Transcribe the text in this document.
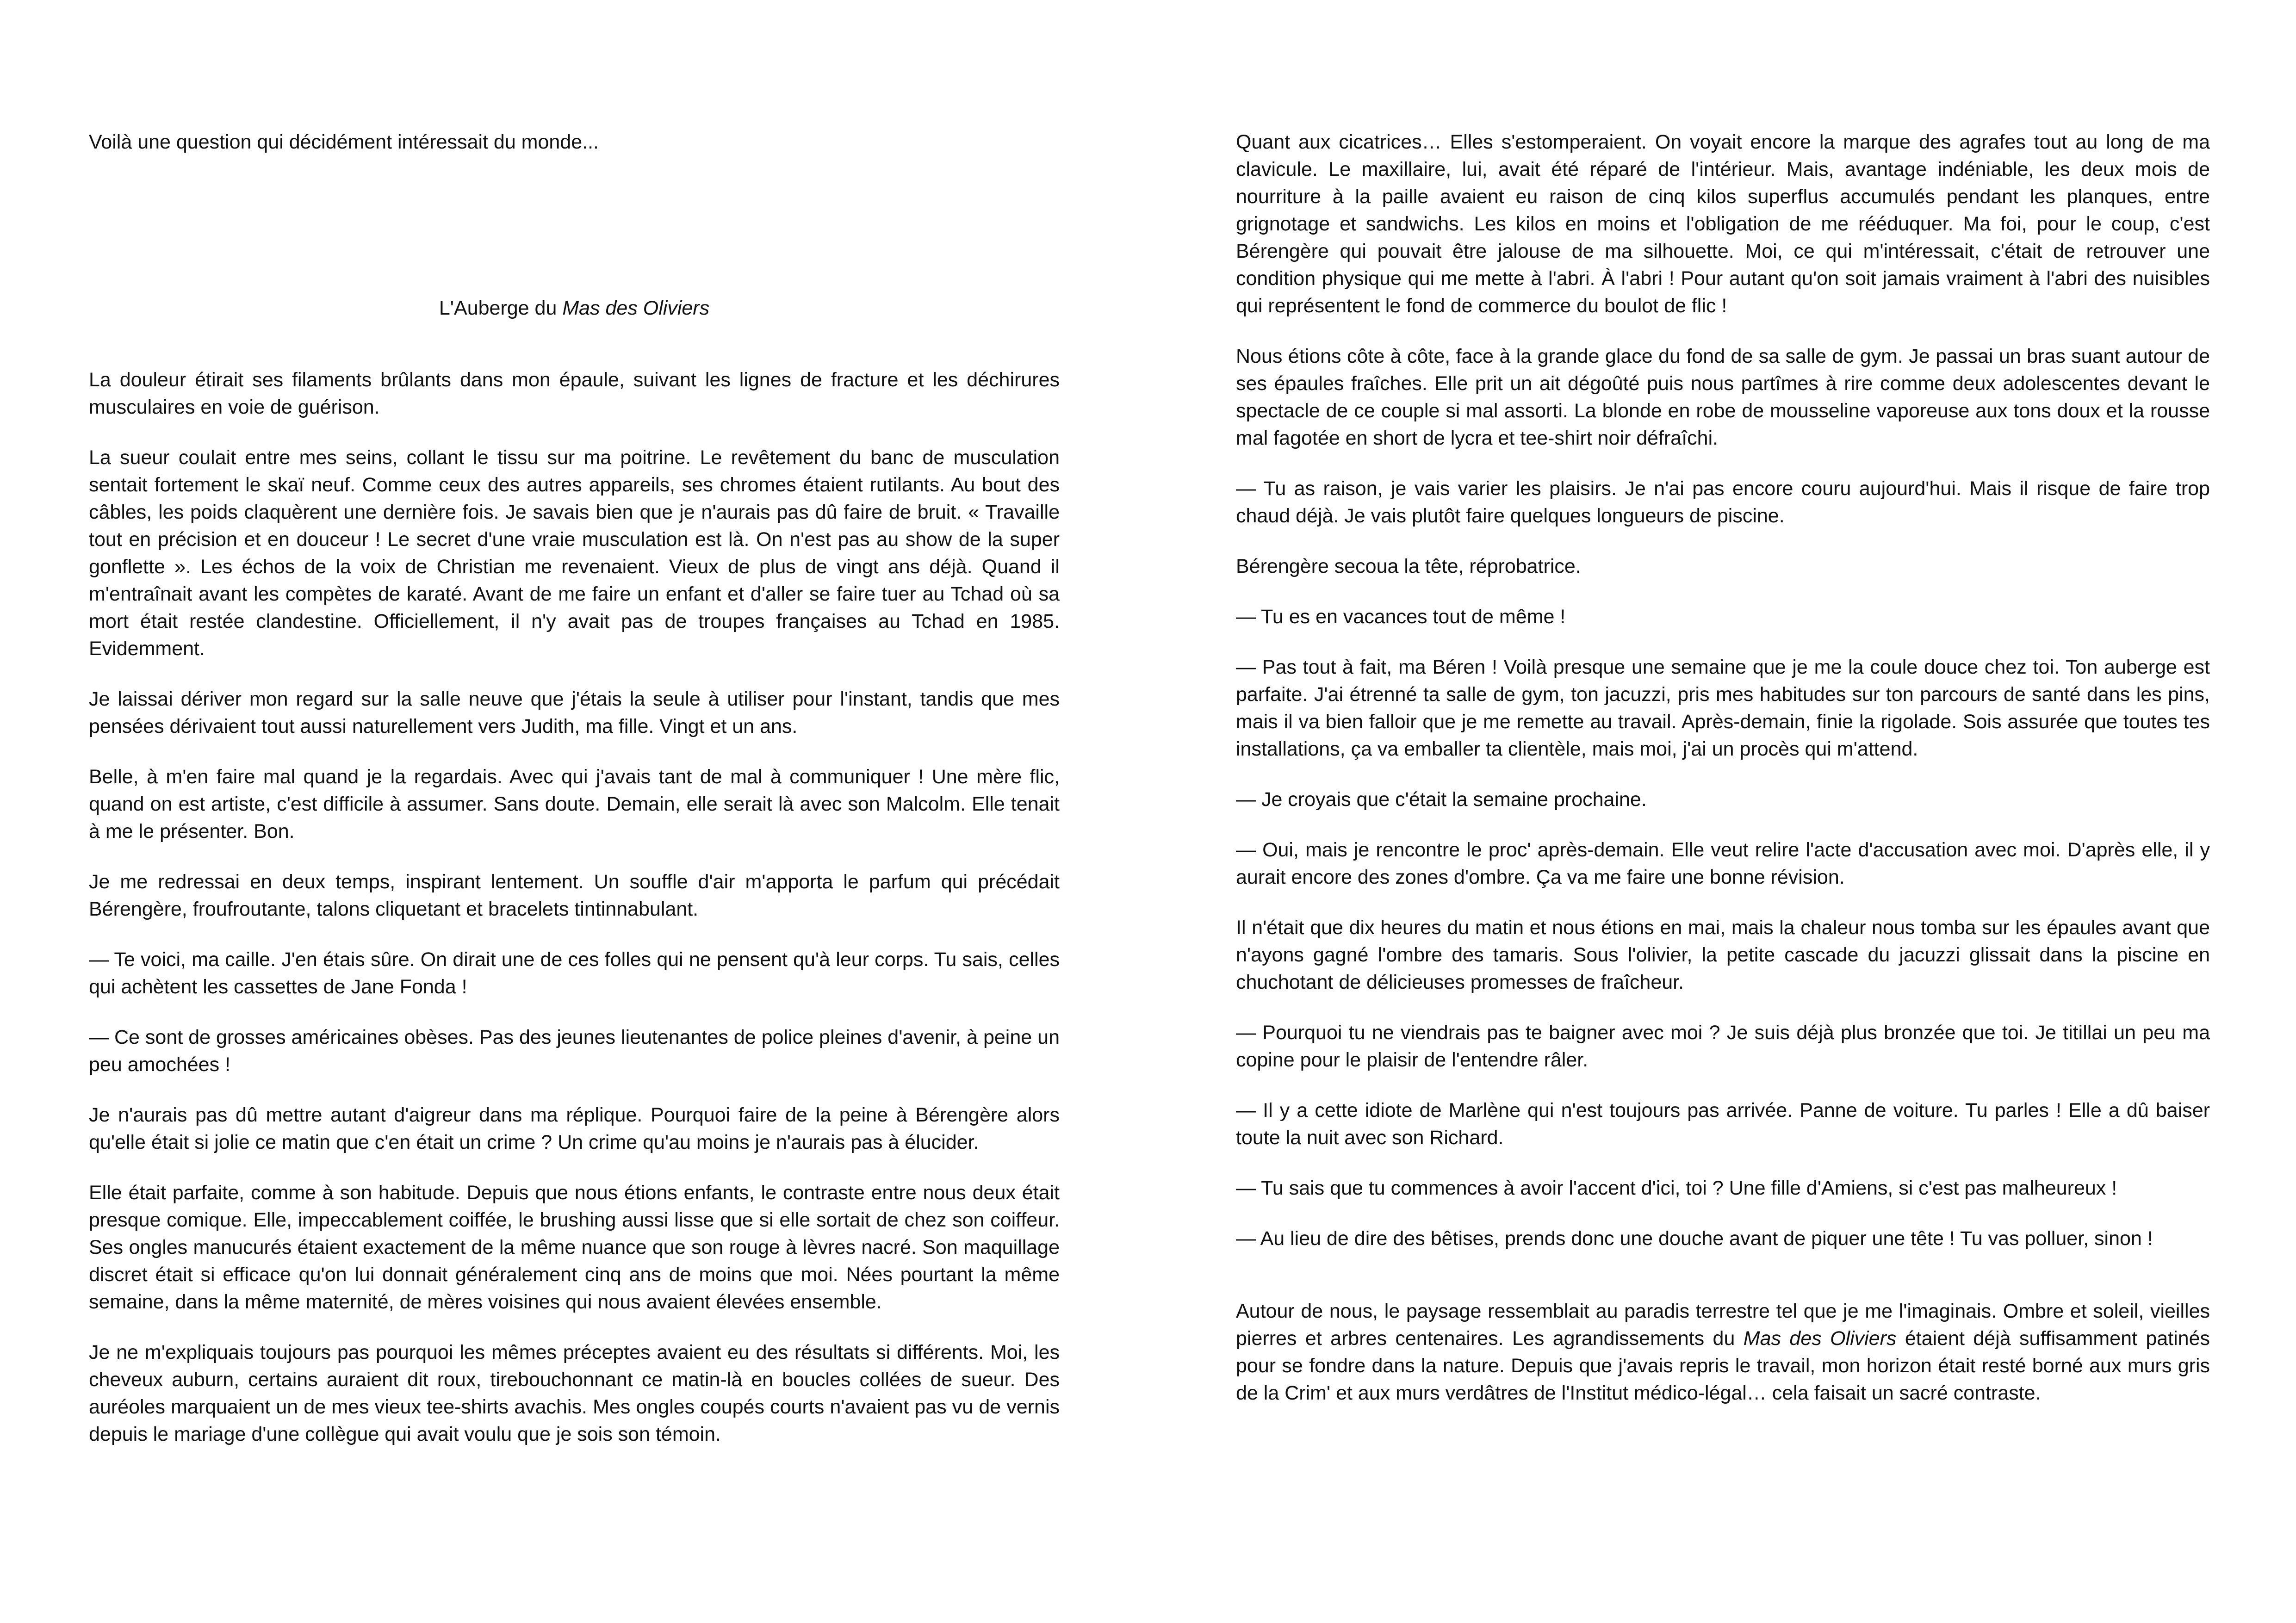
Voilà une question qui décidément intéressait du monde...

L'Auberge du Mas des Oliviers

La douleur étirait ses filaments brûlants dans mon épaule, suivant les lignes de fracture et les déchirures musculaires en voie de guérison.

La sueur coulait entre mes seins, collant le tissu sur ma poitrine. Le revêtement du banc de musculation sentait fortement le skaï neuf. Comme ceux des autres appareils, ses chromes étaient rutilants. Au bout des câbles, les poids claquèrent une dernière fois. Je savais bien que je n'aurais pas dû faire de bruit. « Travaille tout en précision et en douceur ! Le secret d'une vraie musculation est là. On n'est pas au show de la super gonflette ». Les échos de la voix de Christian me revenaient. Vieux de plus de vingt ans déjà. Quand il m'entraînait avant les compètes de karaté. Avant de me faire un enfant et d'aller se faire tuer au Tchad où sa mort était restée clandestine. Officiellement, il n'y avait pas de troupes françaises au Tchad en 1985. Evidemment.

Je laissai dériver mon regard sur la salle neuve que j'étais la seule à utiliser pour l'instant, tandis que mes pensées dérivaient tout aussi naturellement vers Judith, ma fille. Vingt et un ans.

Belle, à m'en faire mal quand je la regardais. Avec qui j'avais tant de mal à communiquer ! Une mère flic, quand on est artiste, c'est difficile à assumer. Sans doute. Demain, elle serait là avec son Malcolm. Elle tenait à me le présenter. Bon.

Je me redressai en deux temps, inspirant lentement. Un souffle d'air m'apporta le parfum qui précédait Bérengère, froufroutante, talons cliquetant et bracelets tintinnabulant.

— Te voici, ma caille. J'en étais sûre. On dirait une de ces folles qui ne pensent qu'à leur corps. Tu sais, celles qui achètent les cassettes de Jane Fonda !

— Ce sont de grosses américaines obèses. Pas des jeunes lieutenantes de police pleines d'avenir, à peine un peu amochées !

Je n'aurais pas dû mettre autant d'aigreur dans ma réplique. Pourquoi faire de la peine à Bérengère alors qu'elle était si jolie ce matin que c'en était un crime ? Un crime qu'au moins je n'aurais pas à élucider.

Elle était parfaite, comme à son habitude. Depuis que nous étions enfants, le contraste entre nous deux était presque comique. Elle, impeccablement coiffée, le brushing aussi lisse que si elle sortait de chez son coiffeur. Ses ongles manucurés étaient exactement de la même nuance que son rouge à lèvres nacré. Son maquillage discret était si efficace qu'on lui donnait généralement cinq ans de moins que moi. Nées pourtant la même semaine, dans la même maternité, de mères voisines qui nous avaient élevées ensemble.

Je ne m'expliquais toujours pas pourquoi les mêmes préceptes avaient eu des résultats si différents. Moi, les cheveux auburn, certains auraient dit roux, tirebouchonnant ce matin-là en boucles collées de sueur. Des auréoles marquaient un de mes vieux tee-shirts avachis. Mes ongles coupés courts n'avaient pas vu de vernis depuis le mariage d'une collègue qui avait voulu que je sois son témoin.

Quant aux cicatrices… Elles s'estomperaient. On voyait encore la marque des agrafes tout au long de ma clavicule. Le maxillaire, lui, avait été réparé de l'intérieur. Mais, avantage indéniable, les deux mois de nourriture à la paille avaient eu raison de cinq kilos superflus accumulés pendant les planques, entre grignotage et sandwichs. Les kilos en moins et l'obligation de me rééduquer. Ma foi, pour le coup, c'est Bérengère qui pouvait être jalouse de ma silhouette. Moi, ce qui m'intéressait, c'était de retrouver une condition physique qui me mette à l'abri. À l'abri ! Pour autant qu'on soit jamais vraiment à l'abri des nuisibles qui représentent le fond de commerce du boulot de flic !

Nous étions côte à côte, face à la grande glace du fond de sa salle de gym. Je passai un bras suant autour de ses épaules fraîches. Elle prit un ait dégoûté puis nous partîmes à rire comme deux adolescentes devant le spectacle de ce couple si mal assorti. La blonde en robe de mousseline vaporeuse aux tons doux et la rousse mal fagotée en short de lycra et tee-shirt noir défraîchi.

— Tu as raison, je vais varier les plaisirs. Je n'ai pas encore couru aujourd'hui. Mais il risque de faire trop chaud déjà. Je vais plutôt faire quelques longueurs de piscine.

Bérengère secoua la tête, réprobatrice.

— Tu es en vacances tout de même !

— Pas tout à fait, ma Béren ! Voilà presque une semaine que je me la coule douce chez toi. Ton auberge est parfaite. J'ai étrenné ta salle de gym, ton jacuzzi, pris mes habitudes sur ton parcours de santé dans les pins, mais il va bien falloir que je me remette au travail. Après-demain, finie la rigolade. Sois assurée que toutes tes installations, ça va emballer ta clientèle, mais moi, j'ai un procès qui m'attend.

— Je croyais que c'était la semaine prochaine.

— Oui, mais je rencontre le proc' après-demain. Elle veut relire l'acte d'accusation avec moi. D'après elle, il y aurait encore des zones d'ombre. Ça va me faire une bonne révision.

Il n'était que dix heures du matin et nous étions en mai, mais la chaleur nous tomba sur les épaules avant que n'ayons gagné l'ombre des tamaris. Sous l'olivier, la petite cascade du jacuzzi glissait dans la piscine en chuchotant de délicieuses promesses de fraîcheur.

— Pourquoi tu ne viendrais pas te baigner avec moi ? Je suis déjà plus bronzée que toi. Je titillai un peu ma copine pour le plaisir de l'entendre râler.

— Il y a cette idiote de Marlène qui n'est toujours pas arrivée. Panne de voiture. Tu parles ! Elle a dû baiser toute la nuit avec son Richard.

— Tu sais que tu commences à avoir l'accent d'ici, toi ? Une fille d'Amiens, si c'est pas malheureux !

— Au lieu de dire des bêtises, prends donc une douche avant de piquer une tête ! Tu vas polluer, sinon !

Autour de nous, le paysage ressemblait au paradis terrestre tel que je me l'imaginais. Ombre et soleil, vieilles pierres et arbres centenaires. Les agrandissements du Mas des Oliviers étaient déjà suffisamment patinés pour se fondre dans la nature. Depuis que j'avais repris le travail, mon horizon était resté borné aux murs gris de la Crim' et aux murs verdâtres de l'Institut médico-légal… cela faisait un sacré contraste.
